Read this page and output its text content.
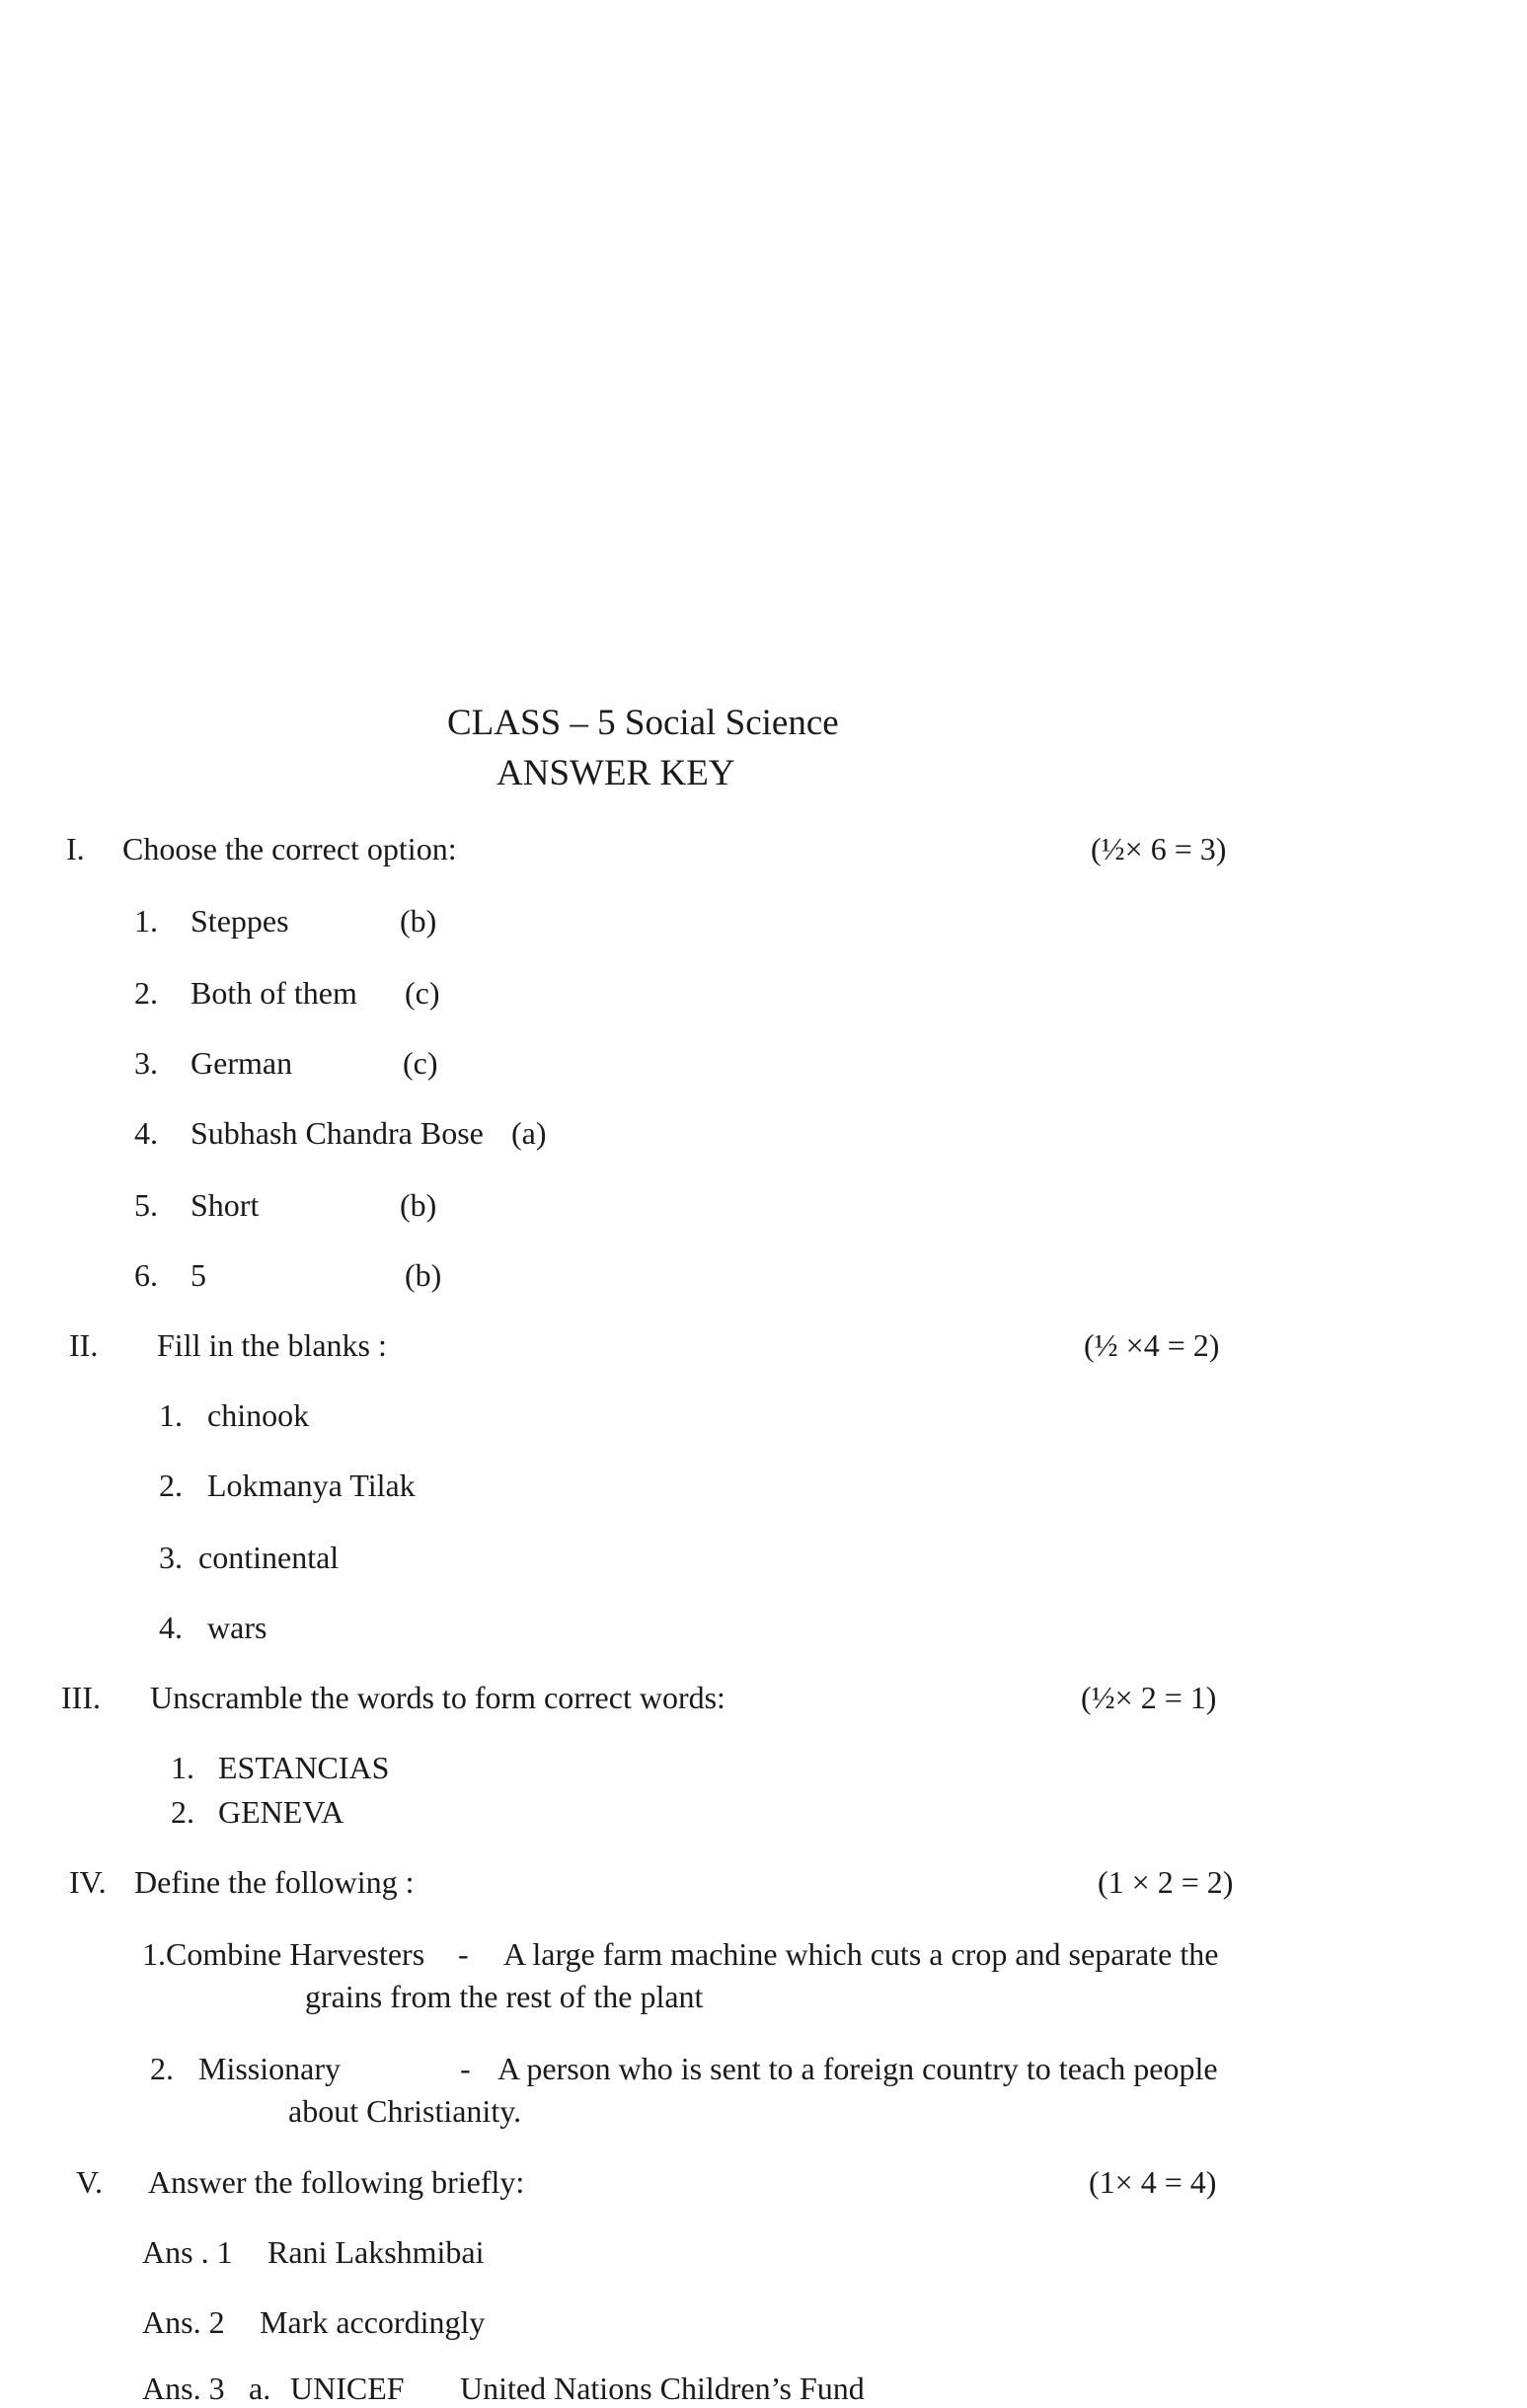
CLASS – 5 Social Science
ANSWER KEY
I. Choose the correct option:	(½× 6 = 3)
1. Steppes	(b)
2. Both of them (c)
3. German	(c)
4. Subhash Chandra Bose (a)
5. Short	(b)
6. 5	(b)
II. Fill in the blanks :	(½ ×4 = 2)
1. chinook
2. Lokmanya Tilak
3. continental
4. wars
III. Unscramble the words to form correct words:	(½× 2 = 1)
1. ESTANCIAS
2. GENEVA
IV. Define the following :	(1 × 2 = 2)
1.Combine Harvesters - A large farm machine which cuts a crop and separate the
grains from the rest of the plant
2. Missionary	- A person who is sent to a foreign country to teach people
about Christianity.
V. Answer the following briefly:	(1× 4 = 4)
Ans . 1 Rani Lakshmibai
Ans. 2 Mark accordingly
Ans. 3 a. UNICEF United Nations Children’s Fund
